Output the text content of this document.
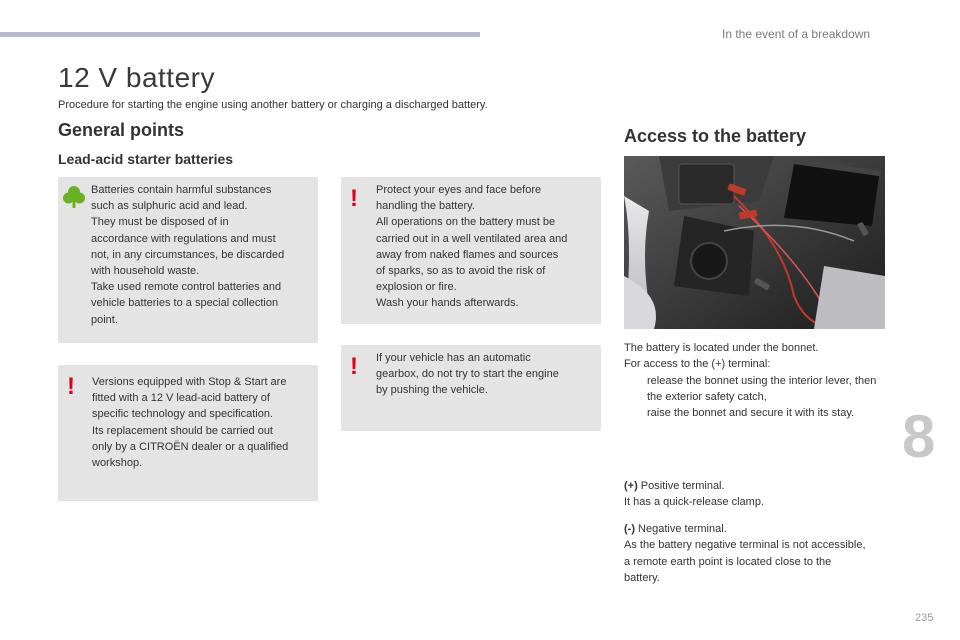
In the event of a breakdown
12 V battery
Procedure for starting the engine using another battery or charging a discharged battery.
General points
Lead-acid starter batteries
Batteries contain harmful substances
such as sulphuric acid and lead.
They must be disposed of in
accordance with regulations and must
not, in any circumstances, be discarded
with household waste.
Take used remote control batteries and
vehicle batteries to a special collection
point.
! Versions equipped with Stop & Start are
fitted with a 12 V lead-acid battery of
specific technology and specification.
Its replacement should be carried out
only by a CITROËN dealer or a qualified
workshop.
! Protect your eyes and face before
handling the battery.
All operations on the battery must be
carried out in a well ventilated area and
away from naked flames and sources
of sparks, so as to avoid the risk of
explosion or fire.
Wash your hands afterwards.
! If your vehicle has an automatic
gearbox, do not try to start the engine
by pushing the vehicle.
Access to the battery
The battery is located under the bonnet.
For access to the (+) terminal:
release the bonnet using the interior lever, then the exterior safety catch,
raise the bonnet and secure it with its stay.
(+) Positive terminal.
It has a quick-release clamp.
(-) Negative terminal.
As the battery negative terminal is not accessible, a remote earth point is located close to the battery.
8
235
